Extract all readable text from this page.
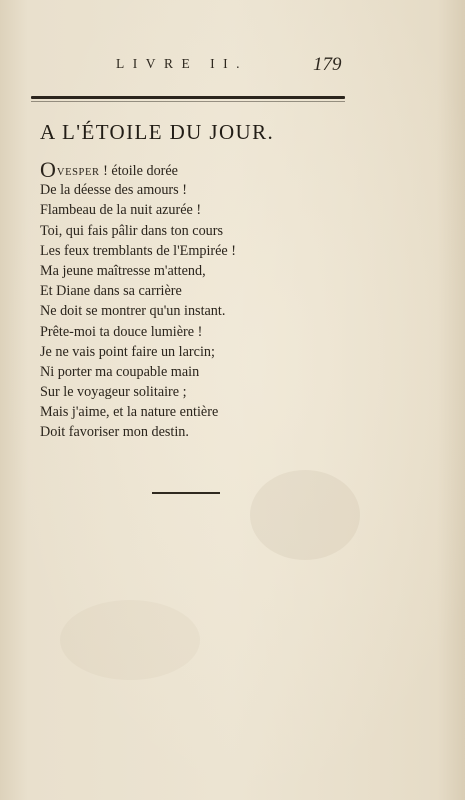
LIVRE II.	179
A L'ÉTOILE DU JOUR.
OVESPER ! étoile dorée
De la déesse des amours !
Flambeau de la nuit azurée !
Toi, qui fais pâlir dans ton cours
Les feux tremblants de l'Empirée !
Ma jeune maîtresse m'attend,
Et Diane dans sa carrière
Ne doit se montrer qu'un instant.
Prête-moi ta douce lumière !
Je ne vais point faire un larcin;
Ni porter ma coupable main
Sur le voyageur solitaire ;
Mais j'aime, et la nature entière
Doit favoriser mon destin.
